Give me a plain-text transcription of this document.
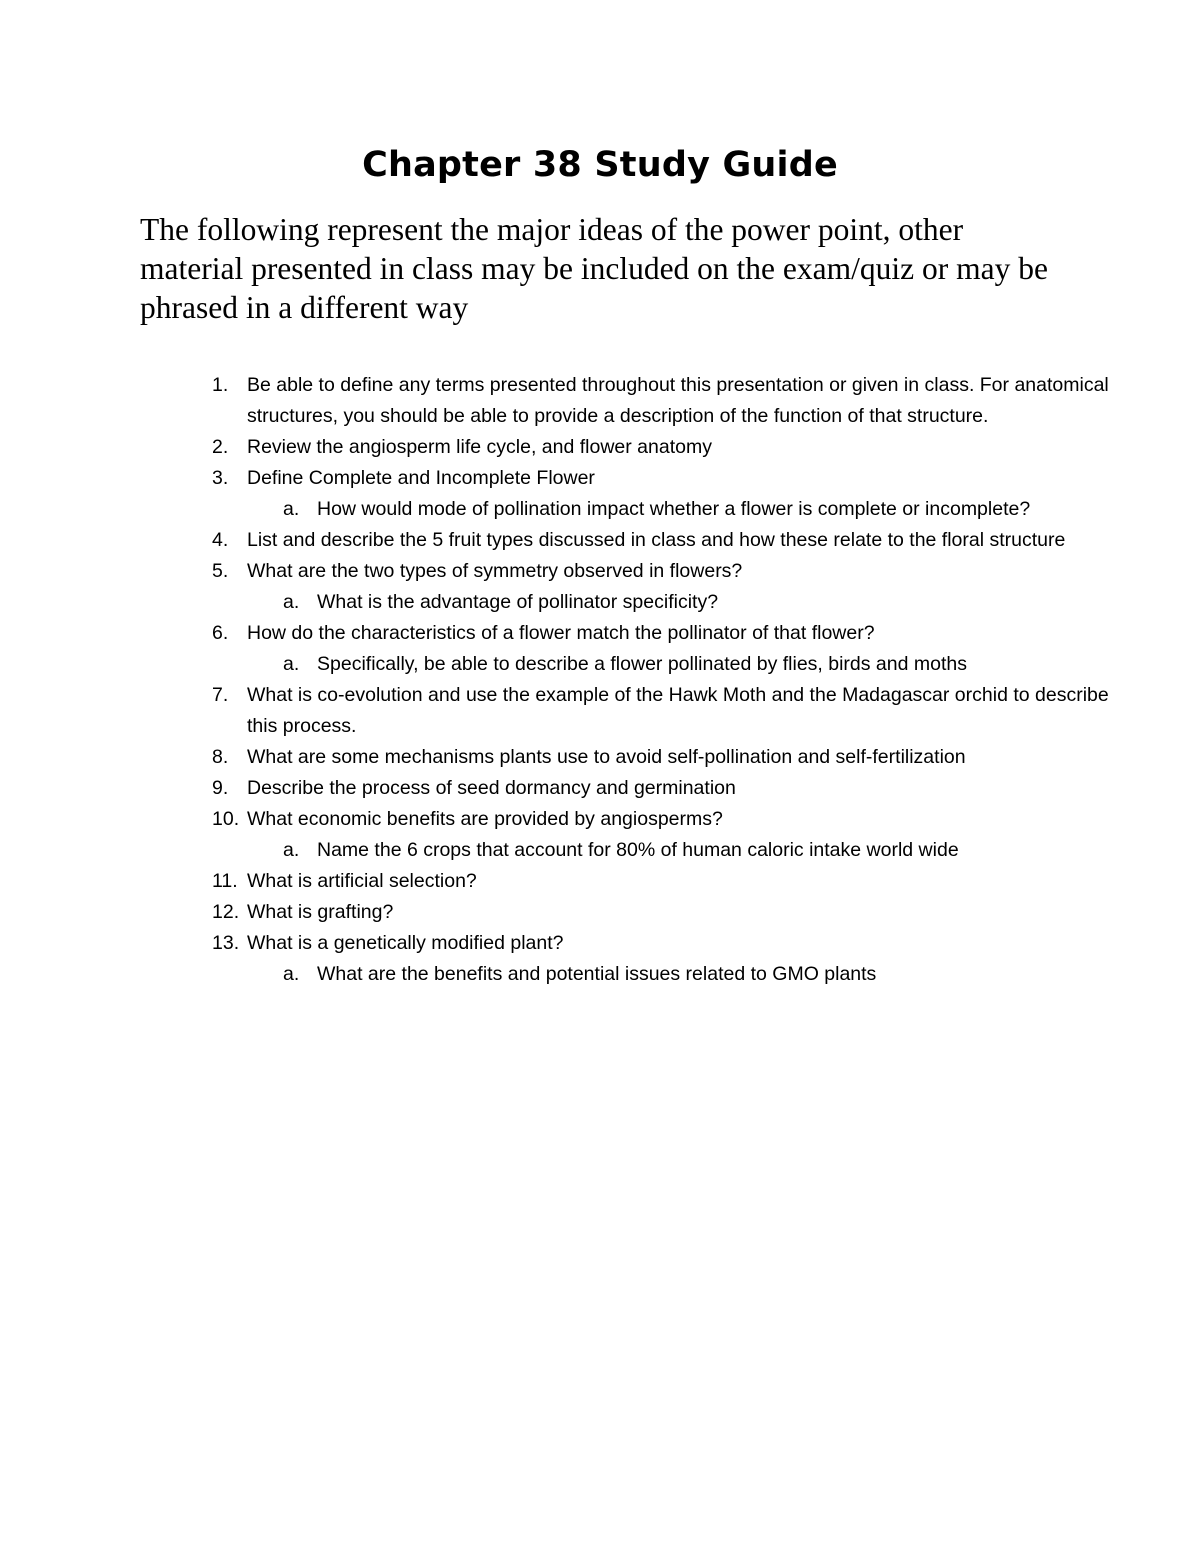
Chapter 38 Study Guide
The following represent the major ideas of the power point, other material presented in class may be included on the exam/quiz or may be phrased in a different way
1. Be able to define any terms presented throughout this presentation or given in class. For anatomical structures, you should be able to provide a description of the function of that structure.
2. Review the angiosperm life cycle, and flower anatomy
3. Define Complete and Incomplete Flower
a. How would mode of pollination impact whether a flower is complete or incomplete?
4. List and describe the 5 fruit types discussed in class and how these relate to the floral structure
5. What are the two types of symmetry observed in flowers?
a. What is the advantage of pollinator specificity?
6. How do the characteristics of a flower match the pollinator of that flower?
a. Specifically, be able to describe a flower pollinated by flies, birds and moths
7. What is co-evolution and use the example of the Hawk Moth and the Madagascar orchid to describe this process.
8. What are some mechanisms plants use to avoid self-pollination and self-fertilization
9. Describe the process of seed dormancy and germination
10. What economic benefits are provided by angiosperms?
a. Name the 6 crops that account for 80% of human caloric intake world wide
11. What is artificial selection?
12. What is grafting?
13. What is a genetically modified plant?
a. What are the benefits and potential issues related to GMO plants
